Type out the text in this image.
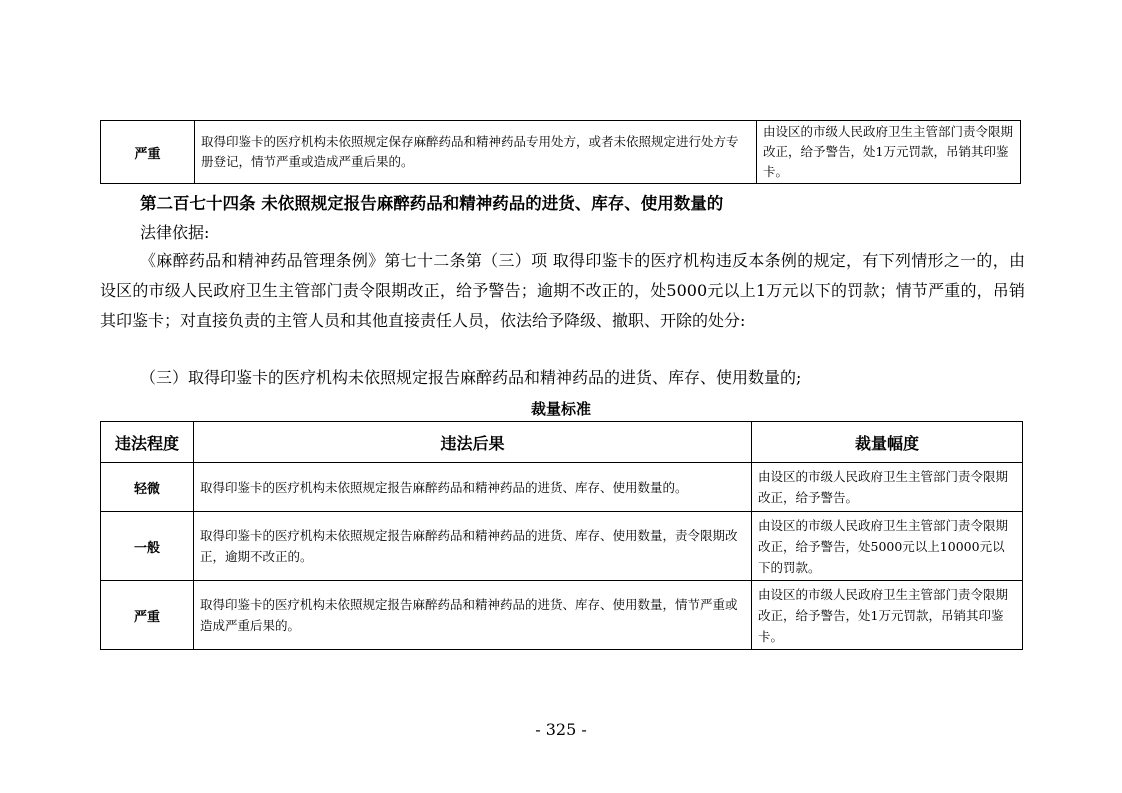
严重	取得印鉴卡的医疗机构未依照规定保存麻醉药品和精神药品专用处方，或者未依照规定进行处方专册登记，情节严重或造成严重后果的。	由设区的市级人民政府卫生主管部门责令限期改正，给予警告，处1万元罚款，吊销其印鉴卡。
第二百七十四条 未依照规定报告麻醉药品和精神药品的进货、库存、使用数量的
法律依据:

《麻醉药品和精神药品管理条例》第七十二条第（三）项 取得印鉴卡的医疗机构违反本条例的规定，有下列情形之一的，由设区的市级人民政府卫生主管部门责令限期改正，给予警告；逾期不改正的，处5000元以上1万元以下的罚款；情节严重的，吊销其印鉴卡；对直接负责的主管人员和其他直接责任人员，依法给予降级、撤职、开除的处分:

（三）取得印鉴卡的医疗机构未依照规定报告麻醉药品和精神药品的进货、库存、使用数量的;

裁量标准
违法程度	违法后果	裁量幅度
轻微	取得印鉴卡的医疗机构未依照规定报告麻醉药品和精神药品的进货、库存、使用数量的。	由设区的市级人民政府卫生主管部门责令限期改正，给予警告。
一般	取得印鉴卡的医疗机构未依照规定报告麻醉药品和精神药品的进货、库存、使用数量，责令限期改正，逾期不改正的。	由设区的市级人民政府卫生主管部门责令限期改正，给予警告，处5000元以上10000元以下的罚款。
严重	取得印鉴卡的医疗机构未依照规定报告麻醉药品和精神药品的进货、库存、使用数量，情节严重或造成严重后果的。	由设区的市级人民政府卫生主管部门责令限期改正，给予警告，处1万元罚款，吊销其印鉴卡。
- 325 -
